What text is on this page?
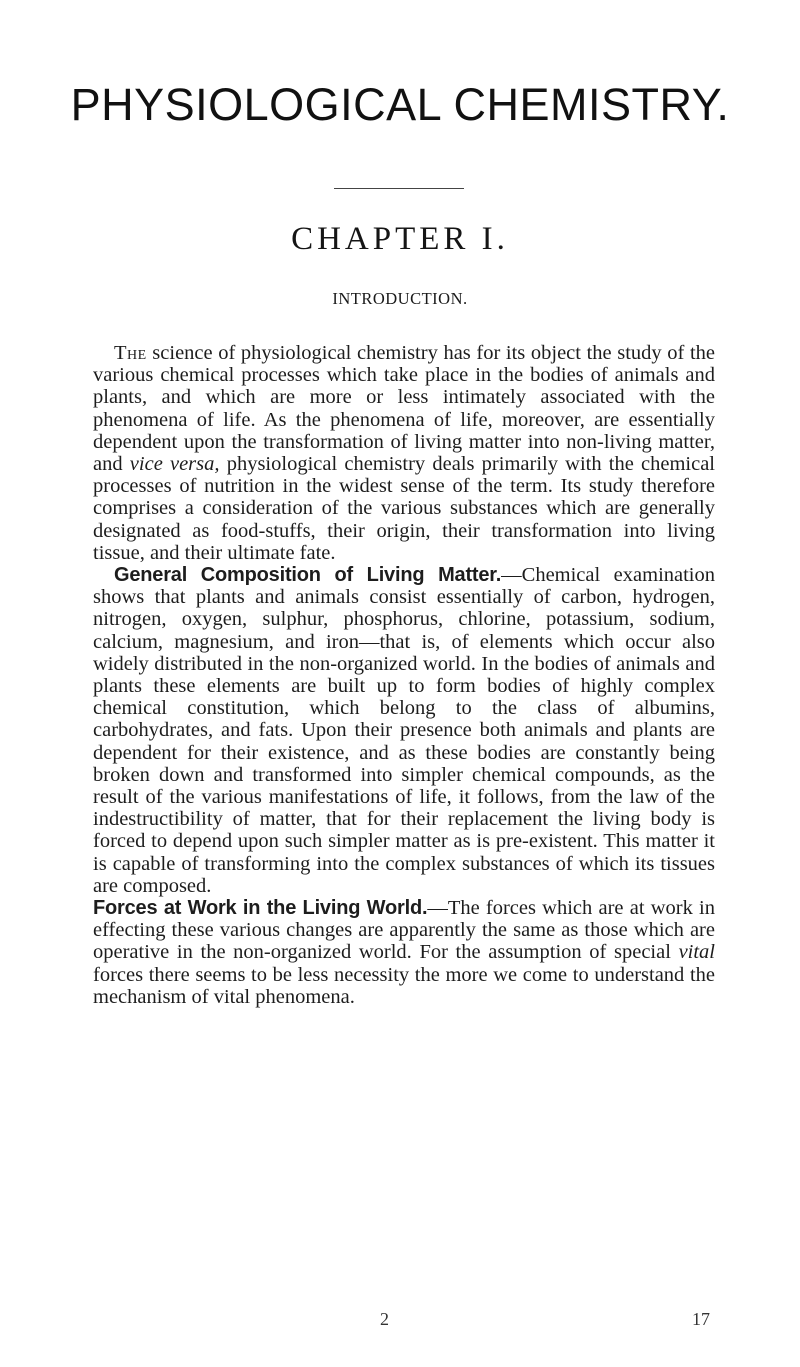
PHYSIOLOGICAL CHEMISTRY.
CHAPTER I.
INTRODUCTION.

The science of physiological chemistry has for its object the study of the various chemical processes which take place in the bodies of animals and plants, and which are more or less intimately associated with the phenomena of life. As the phenomena of life, moreover, are essentially dependent upon the transformation of living matter into non-living matter, and vice versa, physiological chemistry deals primarily with the chemical processes of nutrition in the widest sense of the term. Its study therefore comprises a consideration of the various substances which are generally designated as food-stuffs, their origin, their transformation into living tissue, and their ultimate fate.

General Composition of Living Matter.—Chemical examination shows that plants and animals consist essentially of carbon, hydrogen, nitrogen, oxygen, sulphur, phosphorus, chlorine, potassium, sodium, calcium, magnesium, and iron—that is, of elements which occur also widely distributed in the non-organized world. In the bodies of animals and plants these elements are built up to form bodies of highly complex chemical constitution, which belong to the class of albumins, carbohydrates, and fats. Upon their presence both animals and plants are dependent for their existence, and as these bodies are constantly being broken down and transformed into simpler chemical compounds, as the result of the various manifestations of life, it follows, from the law of the indestructibility of matter, that for their replacement the living body is forced to depend upon such simpler matter as is pre-existent. This matter it is capable of transforming into the complex substances of which its tissues are composed.

Forces at Work in the Living World.—The forces which are at work in effecting these various changes are apparently the same as those which are operative in the non-organized world. For the assumption of special vital forces there seems to be less necessity the more we come to understand the mechanism of vital phenomena.

2	17
